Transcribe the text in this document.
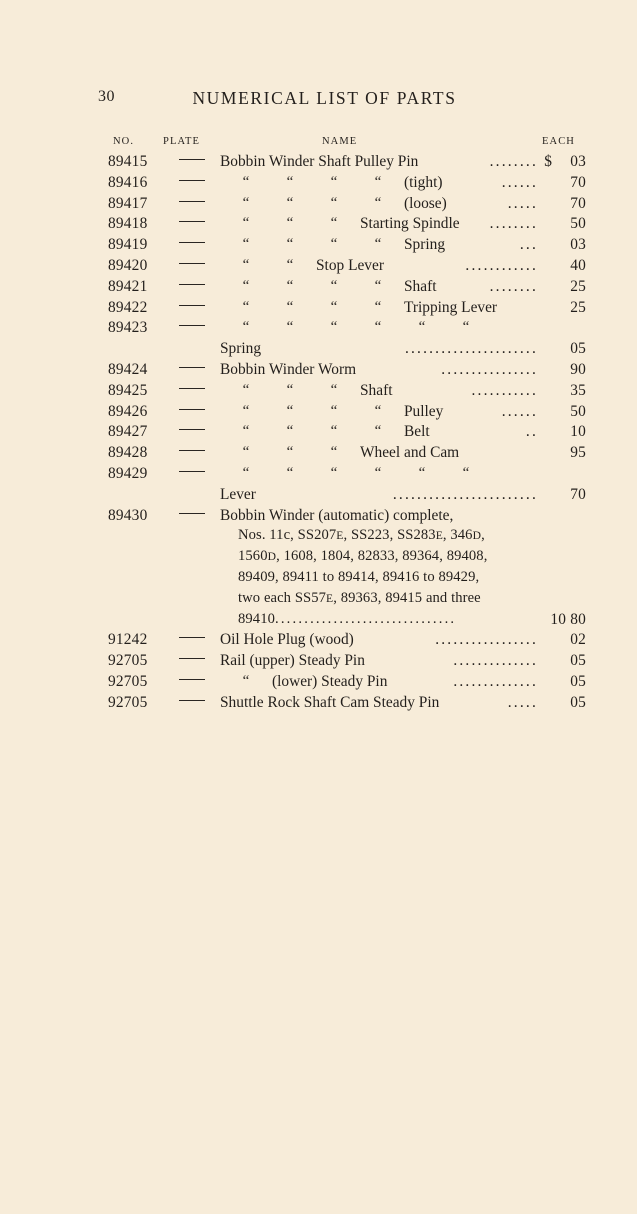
30	NUMERICAL LIST OF PARTS
NO.	PLATE	NAME	EACH
89415	Bobbin Winder Shaft Pulley Pin	........ $	03
89416	“	“	“	“	(tight)	......	70
89417	“	“	“	“	(loose)	.....	70
89418	“	“	“	Starting Spindle ........	50
89419	“	“	“	“	Spring	...	03
89420	“	“	Stop Lever	............	40
89421	“	“	“	“	Shaft	........	25
89422	“	“	“	“	Tripping Lever	25
89423	“	“	“	“	“	“
Spring	......................	05
89424	Bobbin Winder Worm	................	90
89425	“	“	“	Shaft	...........	35
89426	“	“	“	“	Pulley	......	50
89427	“	“	“	“	Belt	..	10
89428	“	“	“	Wheel and Cam	95
89429	“	“	“	“	“	“
Lever	........................	70
89430	Bobbin Winder (automatic) complete,
Nos. 11c, SS207E, SS223, SS283E, 346D,
1560D, 1608, 1804, 82833, 89364, 89408,
89409, 89411 to 89414, 89416 to 89429,
two each SS57E, 89363, 89415 and three
89410...............................	10 80
91242	Oil Hole Plug (wood)	.................	02
92705	Rail (upper) Steady Pin	..............	05
92705	“	(lower) Steady Pin	..............	05
92705	Shuttle Rock Shaft Cam Steady Pin	.....	05
